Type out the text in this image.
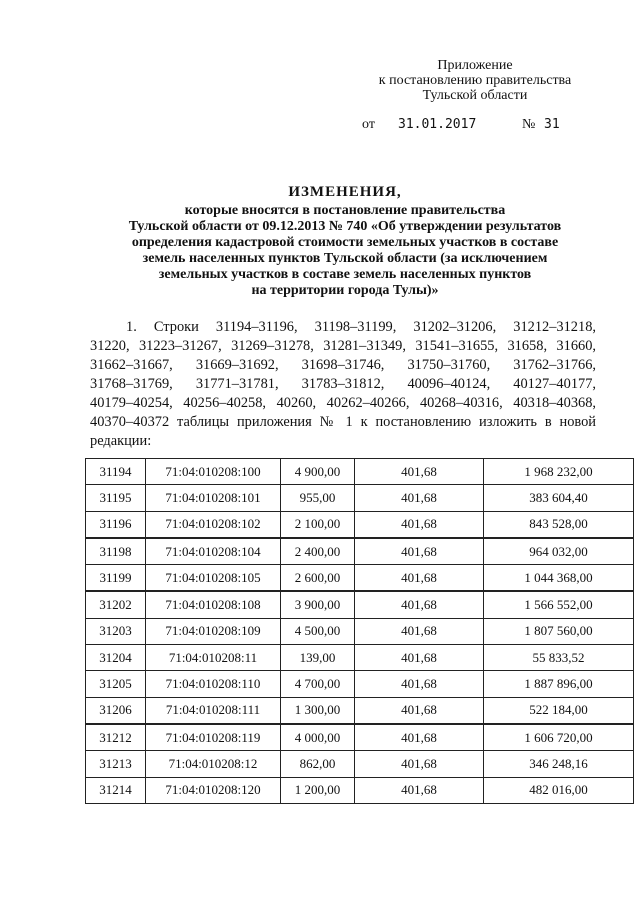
Приложение
к постановлению правительства
Тульской области
от 31.01.2017	№ 31
ИЗМЕНЕНИЯ,
которые вносятся в постановление правительства
Тульской области от 09.12.2013 № 740 «Об утверждении результатов
определения кадастровой стоимости земельных участков в составе
земель населенных пунктов Тульской области (за исключением
земельных участков в составе земель населенных пунктов
на территории города Тулы)»
1. Строки 31194–31196, 31198–31199, 31202–31206, 31212–31218,
31220, 31223–31267, 31269–31278, 31281–31349, 31541–31655, 31658, 31660,
31662–31667, 31669–31692, 31698–31746, 31750–31760, 31762–31766,
31768–31769, 31771–31781, 31783–31812, 40096–40124, 40127–40177,
40179–40254, 40256–40258, 40260, 40262–40266, 40268–40316, 40318–40368,
40370–40372 таблицы приложения № 1 к постановлению изложить в новой
редакции:
31194	71:04:010208:100	4 900,00	401,68	1 968 232,00
31195	71:04:010208:101	955,00	401,68	383 604,40
31196	71:04:010208:102	2 100,00	401,68	843 528,00
31198	71:04:010208:104	2 400,00	401,68	964 032,00
31199	71:04:010208:105	2 600,00	401,68	1 044 368,00
31202	71:04:010208:108	3 900,00	401,68	1 566 552,00
31203	71:04:010208:109	4 500,00	401,68	1 807 560,00
31204	71:04:010208:11	139,00	401,68	55 833,52
31205	71:04:010208:110	4 700,00	401,68	1 887 896,00
31206	71:04:010208:111	1 300,00	401,68	522 184,00
31212	71:04:010208:119	4 000,00	401,68	1 606 720,00
31213	71:04:010208:12	862,00	401,68	346 248,16
31214	71:04:010208:120	1 200,00	401,68	482 016,00
